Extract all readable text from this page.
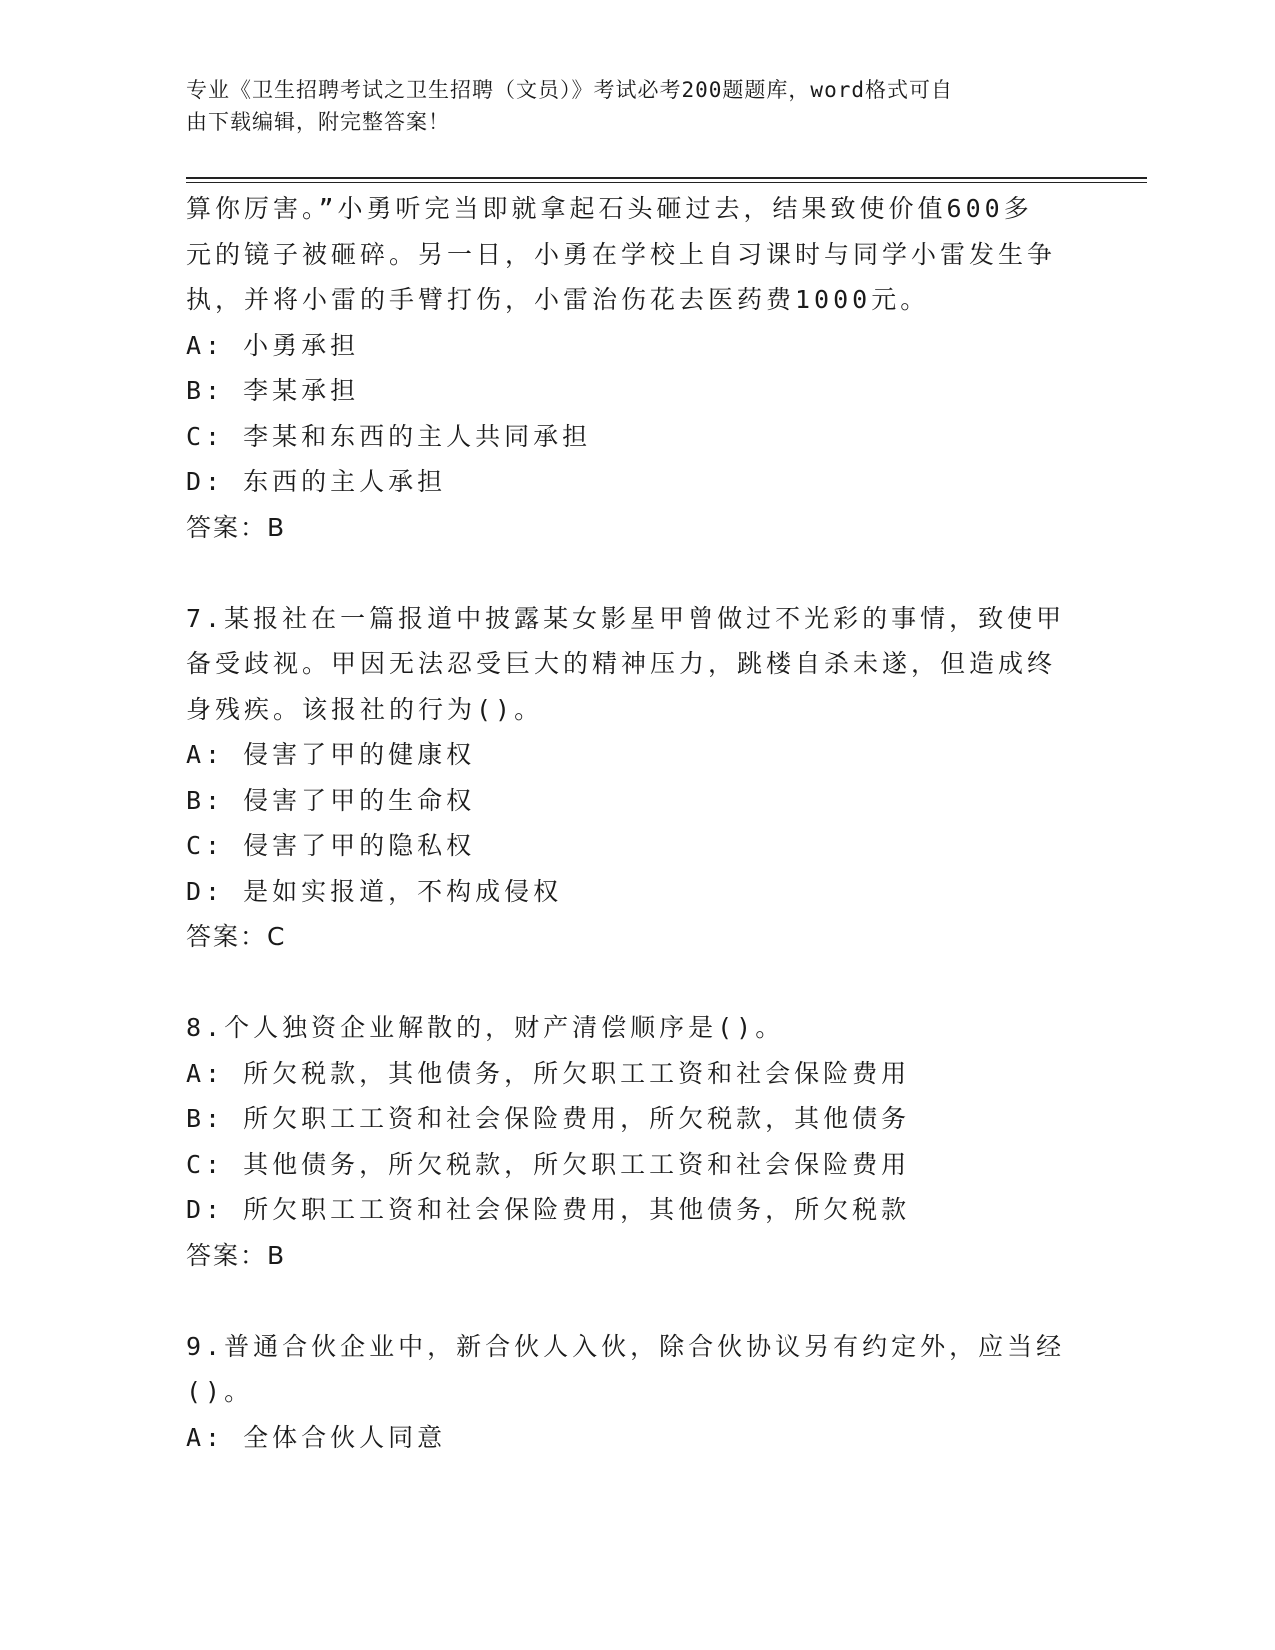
专业《卫生招聘考试之卫生招聘（文员）》考试必考200题题库，word格式可自
由下载编辑，附完整答案！
算你厉害。”小勇听完当即就拿起石头砸过去，结果致使价值600多
元的镜子被砸碎。另一日，小勇在学校上自习课时与同学小雷发生争
执，并将小雷的手臂打伤，小雷治伤花去医药费1000元。
A: 小勇承担
B: 李某承担
C: 李某和东西的主人共同承担
D: 东西的主人承担
答案：B
7.某报社在一篇报道中披露某女影星甲曾做过不光彩的事情，致使甲
备受歧视。甲因无法忍受巨大的精神压力，跳楼自杀未遂，但造成终
身残疾。该报社的行为()。
A: 侵害了甲的健康权
B: 侵害了甲的生命权
C: 侵害了甲的隐私权
D: 是如实报道，不构成侵权
答案：C
8.个人独资企业解散的，财产清偿顺序是()。
A: 所欠税款，其他债务，所欠职工工资和社会保险费用
B: 所欠职工工资和社会保险费用，所欠税款，其他债务
C: 其他债务，所欠税款，所欠职工工资和社会保险费用
D: 所欠职工工资和社会保险费用，其他债务，所欠税款
答案：B
9.普通合伙企业中，新合伙人入伙，除合伙协议另有约定外，应当经
()。
A: 全体合伙人同意
